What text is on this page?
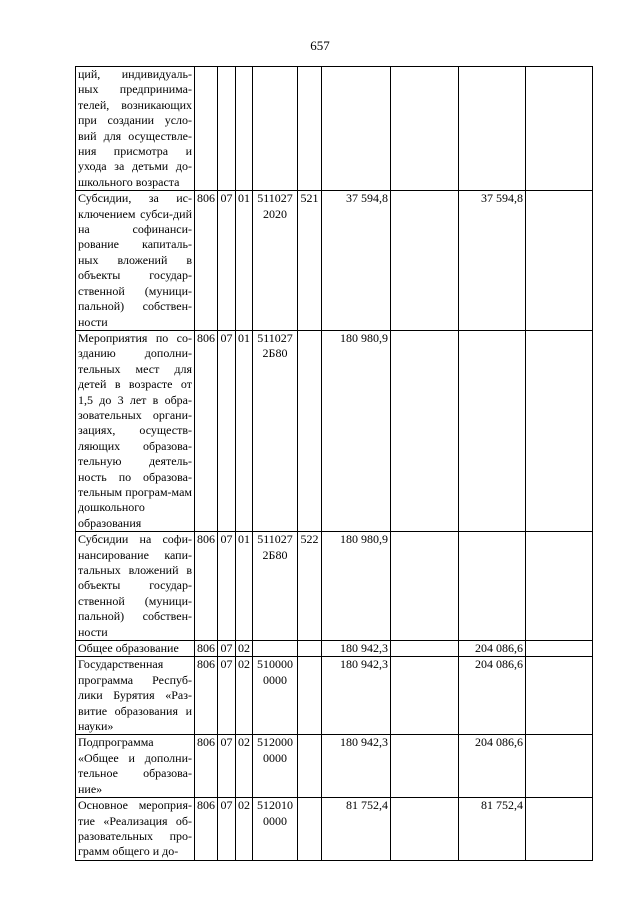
657
ций, индивидуаль-ных предпринима-телей, возникающих при создании усло-вий для осуществле-ния присмотра и ухода за детьми до-школьного возраста									
Субсидии, за ис-ключением субси-дий на софинанси-рование капиталь-ных вложений в объекты государ-ственной (муници-пальной) собствен-ности	806	07	01	511027 2020	521	37 594,8		37 594,8	
Мероприятия по со-зданию дополни-тельных мест для детей в возрасте от 1,5 до 3 лет в обра-зовательных органи-зациях, осуществ-ляющих образова-тельную деятель-ность по образова-тельным програм-мам дошкольного образования	806	07	01	511027 2Б80		180 980,9			
Субсидии на софи-нансирование капи-тальных вложений в объекты государ-ственной (муници-пальной) собствен-ности	806	07	01	511027 2Б80	522	180 980,9			
Общее образование	806	07	02			180 942,3		204 086,6	
Государственная программа Респуб-лики Бурятия «Раз-витие образования и науки»	806	07	02	510000 0000		180 942,3		204 086,6	
Подпрограмма «Общее и дополни-тельное образова-ние»	806	07	02	512000 0000		180 942,3		204 086,6	
Основное мероприя-тие «Реализация об-разовательных про-грамм общего и до-	806	07	02	512010 0000		81 752,4		81 752,4	
